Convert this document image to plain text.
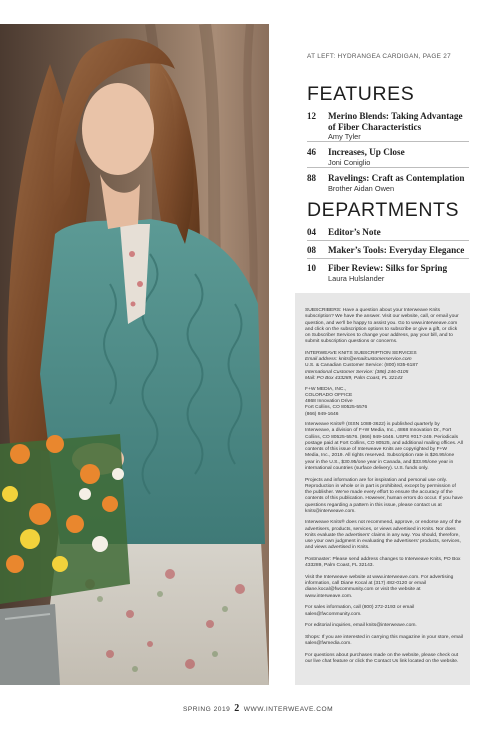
AT LEFT: HYDRANGEA CARDIGAN, PAGE 27
FEATURES
12 Merino Blends: Taking Advantage
of Fiber Characteristics
Amy Tyler
46 Increases, Up Close
Joni Coniglio
88 Ravelings: Craft as Contemplation
Brother Aidan Owen
DEPARTMENTS
04 Editor’s Note
08 Maker’s Tools: Everyday Elegance
10 Fiber Review: Silks for Spring
Laura Hulslander

SUBSCRIBERS: Have a question about your Interweave Knits subscription? We have the answer. Visit our website, call, or email your question, and we’ll be happy to assist you. Go to www.interweave.com and click on the subscription options to subscribe or give a gift, or click on Subscriber Services to change your address, pay your bill, and to submit subscription questions or concerns.

INTERWEAVE KNITS SUBSCRIPTION SERVICES
Email address: knits@emailcustomerservice.com
U.S. & Canadian Customer Service: (800) 835-6187
International Customer Service: (386) 246-0105
Mail: PO Box 433289, Palm Coast, FL 32143

F+W MEDIA, INC.,
COLORADO OFFICE
4868 Innovation Drive
Fort Collins, CO 80525-5576
(866) 949-1646

Interweave Knits® (ISSN 1088-3622) is published quarterly by Interweave, a division of F+W Media, Inc., 4868 Innovation Dr., Fort Collins, CO 80525-5576. (866) 949-1646. USPS #017-249. Periodicals postage paid at Fort Collins, CO 80525, and additional mailing offices. All contents of this issue of Interweave Knits are copyrighted by F+W Media, Inc., 2019. All rights reserved. Subscription rate is $26.95/one year in the U.S., $30.95/one year in Canada, and $33.95/one year in international countries (surface delivery). U.S. funds only.

Projects and information are for inspiration and personal use only. Reproduction in whole or in part is prohibited, except by permission of the publisher. We’ve made every effort to ensure the accuracy of the contents of this publication. However, human errors do occur. If you have questions regarding a pattern in this issue, please contact us at knits@interweave.com.

Interweave Knits® does not recommend, approve, or endorse any of the advertisers, products, services, or views advertised in Knits. Nor does Knits evaluate the advertisers’ claims in any way. You should, therefore, use your own judgment in evaluating the advertisers’ products, services, and views advertised in Knits.

Postmaster: Please send address changes to Interweave Knits, PO Box 433289, Palm Coast, FL 32143.

Visit the Interweave website at www.interweave.com. For advertising information, call Diane Kocal at (317) 482-0120 or email diane.kocal@fwcommunity.com or visit the website at www.interweave.com.

For sales information, call (800) 272-2193 or email sales@fwcommunity.com.

For editorial inquiries, email knits@interweave.com.

Shops: If you are interested in carrying this magazine in your store, email sales@fwmedia.com.

For questions about purchases made on the website, please check out our live chat feature or click the Contact Us link located on the website.

SPRING 2019 2 WWW.INTERWEAVE.COM
